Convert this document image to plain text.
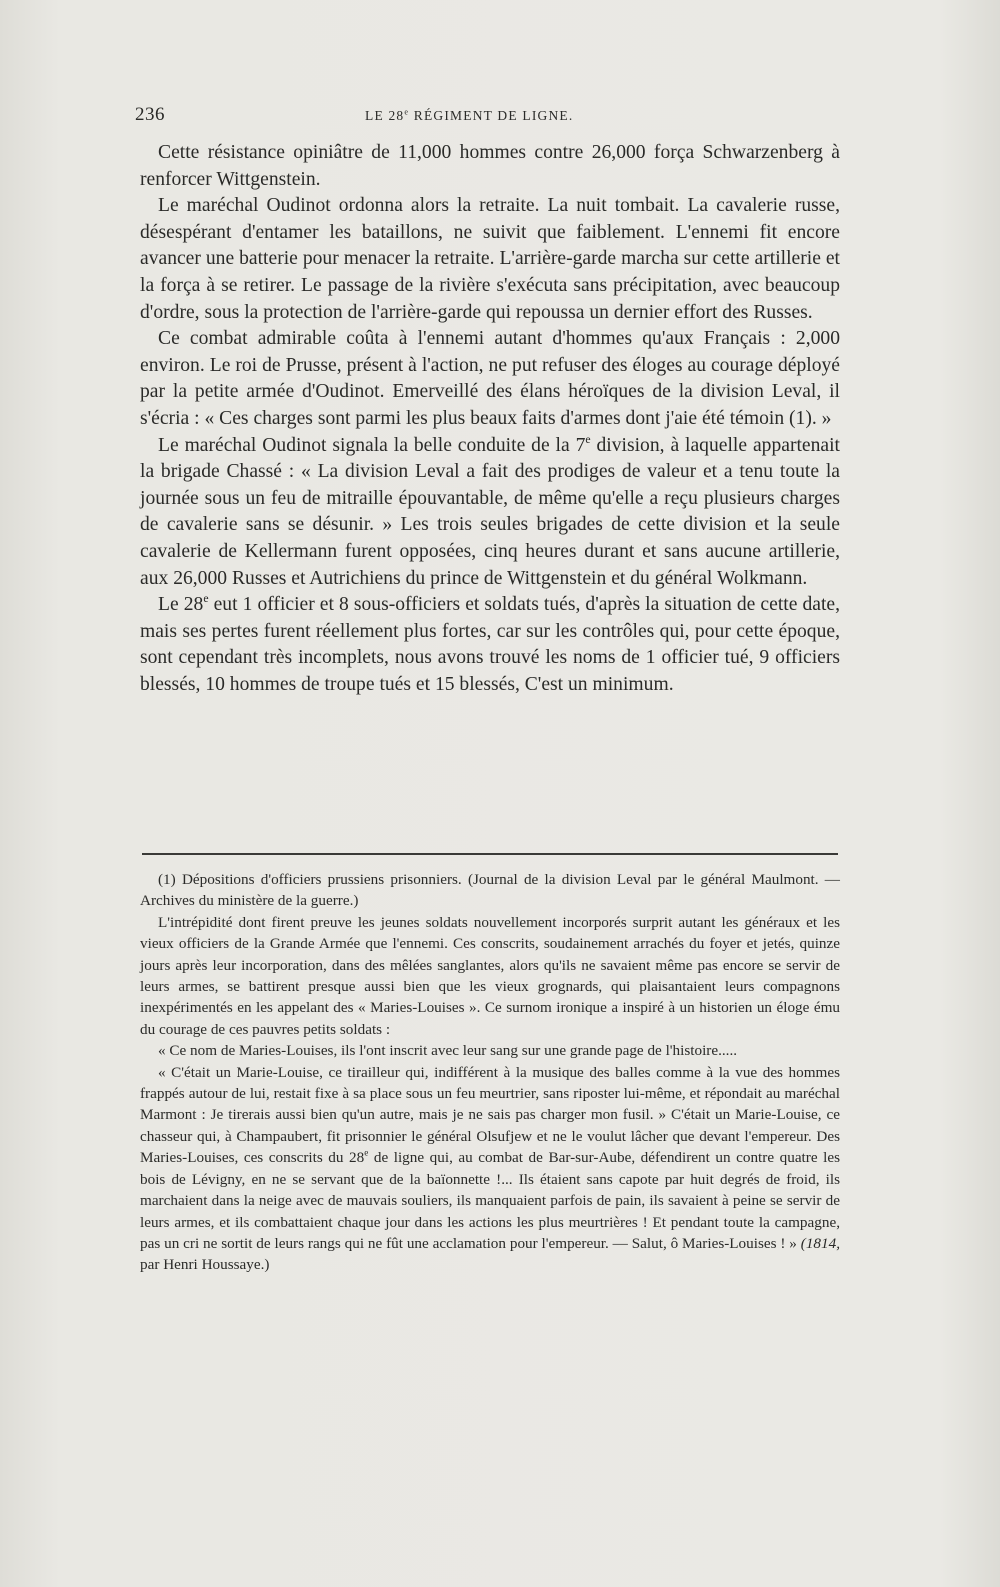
236	LE 28e RÉGIMENT DE LIGNE.

Cette résistance opiniâtre de 11,000 hommes contre 26,000 força Schwarzenberg à renforcer Wittgenstein.

Le maréchal Oudinot ordonna alors la retraite. La nuit tombait. La cavalerie russe, désespérant d'entamer les bataillons, ne suivit que faiblement. L'ennemi fit encore avancer une batterie pour menacer la retraite. L'arrière-garde marcha sur cette artillerie et la força à se retirer. Le passage de la rivière s'exécuta sans précipitation, avec beaucoup d'ordre, sous la protection de l'arrière-garde qui repoussa un dernier effort des Russes.

Ce combat admirable coûta à l'ennemi autant d'hommes qu'aux Français : 2,000 environ. Le roi de Prusse, présent à l'action, ne put refuser des éloges au courage déployé par la petite armée d'Oudinot. Emerveillé des élans héroïques de la division Leval, il s'écria : « Ces charges sont parmi les plus beaux faits d'armes dont j'aie été témoin (1). »

Le maréchal Oudinot signala la belle conduite de la 7e division, à laquelle appartenait la brigade Chassé : « La division Leval a fait des prodiges de valeur et a tenu toute la journée sous un feu de mitraille épouvantable, de même qu'elle a reçu plusieurs charges de cavalerie sans se désunir. » Les trois seules brigades de cette division et la seule cavalerie de Kellermann furent opposées, cinq heures durant et sans aucune artillerie, aux 26,000 Russes et Autrichiens du prince de Wittgenstein et du général Wolkmann.

Le 28e eut 1 officier et 8 sous-officiers et soldats tués, d'après la situation de cette date, mais ses pertes furent réellement plus fortes, car sur les contrôles qui, pour cette époque, sont cependant très incomplets, nous avons trouvé les noms de 1 officier tué, 9 officiers blessés, 10 hommes de troupe tués et 15 blessés, C'est un minimum.

(1) Dépositions d'officiers prussiens prisonniers. (Journal de la division Leval par le général Maulmont. — Archives du ministère de la guerre.)

L'intrépidité dont firent preuve les jeunes soldats nouvellement incorporés surprit autant les généraux et les vieux officiers de la Grande Armée que l'ennemi. Ces conscrits, soudainement arrachés du foyer et jetés, quinze jours après leur incorporation, dans des mêlées sanglantes, alors qu'ils ne savaient même pas encore se servir de leurs armes, se battirent presque aussi bien que les vieux grognards, qui plaisantaient leurs compagnons inexpérimentés en les appelant des « Maries-Louises ». Ce surnom ironique a inspiré à un historien un éloge ému du courage de ces pauvres petits soldats :

« Ce nom de Maries-Louises, ils l'ont inscrit avec leur sang sur une grande page de l'histoire.....

« C'était un Marie-Louise, ce tirailleur qui, indifférent à la musique des balles comme à la vue des hommes frappés autour de lui, restait fixe à sa place sous un feu meurtrier, sans riposter lui-même, et répondait au maréchal Marmont : Je tirerais aussi bien qu'un autre, mais je ne sais pas charger mon fusil. » C'était un Marie-Louise, ce chasseur qui, à Champaubert, fit prisonnier le général Olsufjew et ne le voulut lâcher que devant l'empereur. Des Maries-Louises, ces conscrits du 28e de ligne qui, au combat de Bar-sur-Aube, défendirent un contre quatre les bois de Lévigny, en ne se servant que de la baïonnette !... Ils étaient sans capote par huit degrés de froid, ils marchaient dans la neige avec de mauvais souliers, ils manquaient parfois de pain, ils savaient à peine se servir de leurs armes, et ils combattaient chaque jour dans les actions les plus meurtrières ! Et pendant toute la campagne, pas un cri ne sortit de leurs rangs qui ne fût une acclamation pour l'empereur. — Salut, ô Maries-Louises ! » (1814, par Henri Houssaye.)
